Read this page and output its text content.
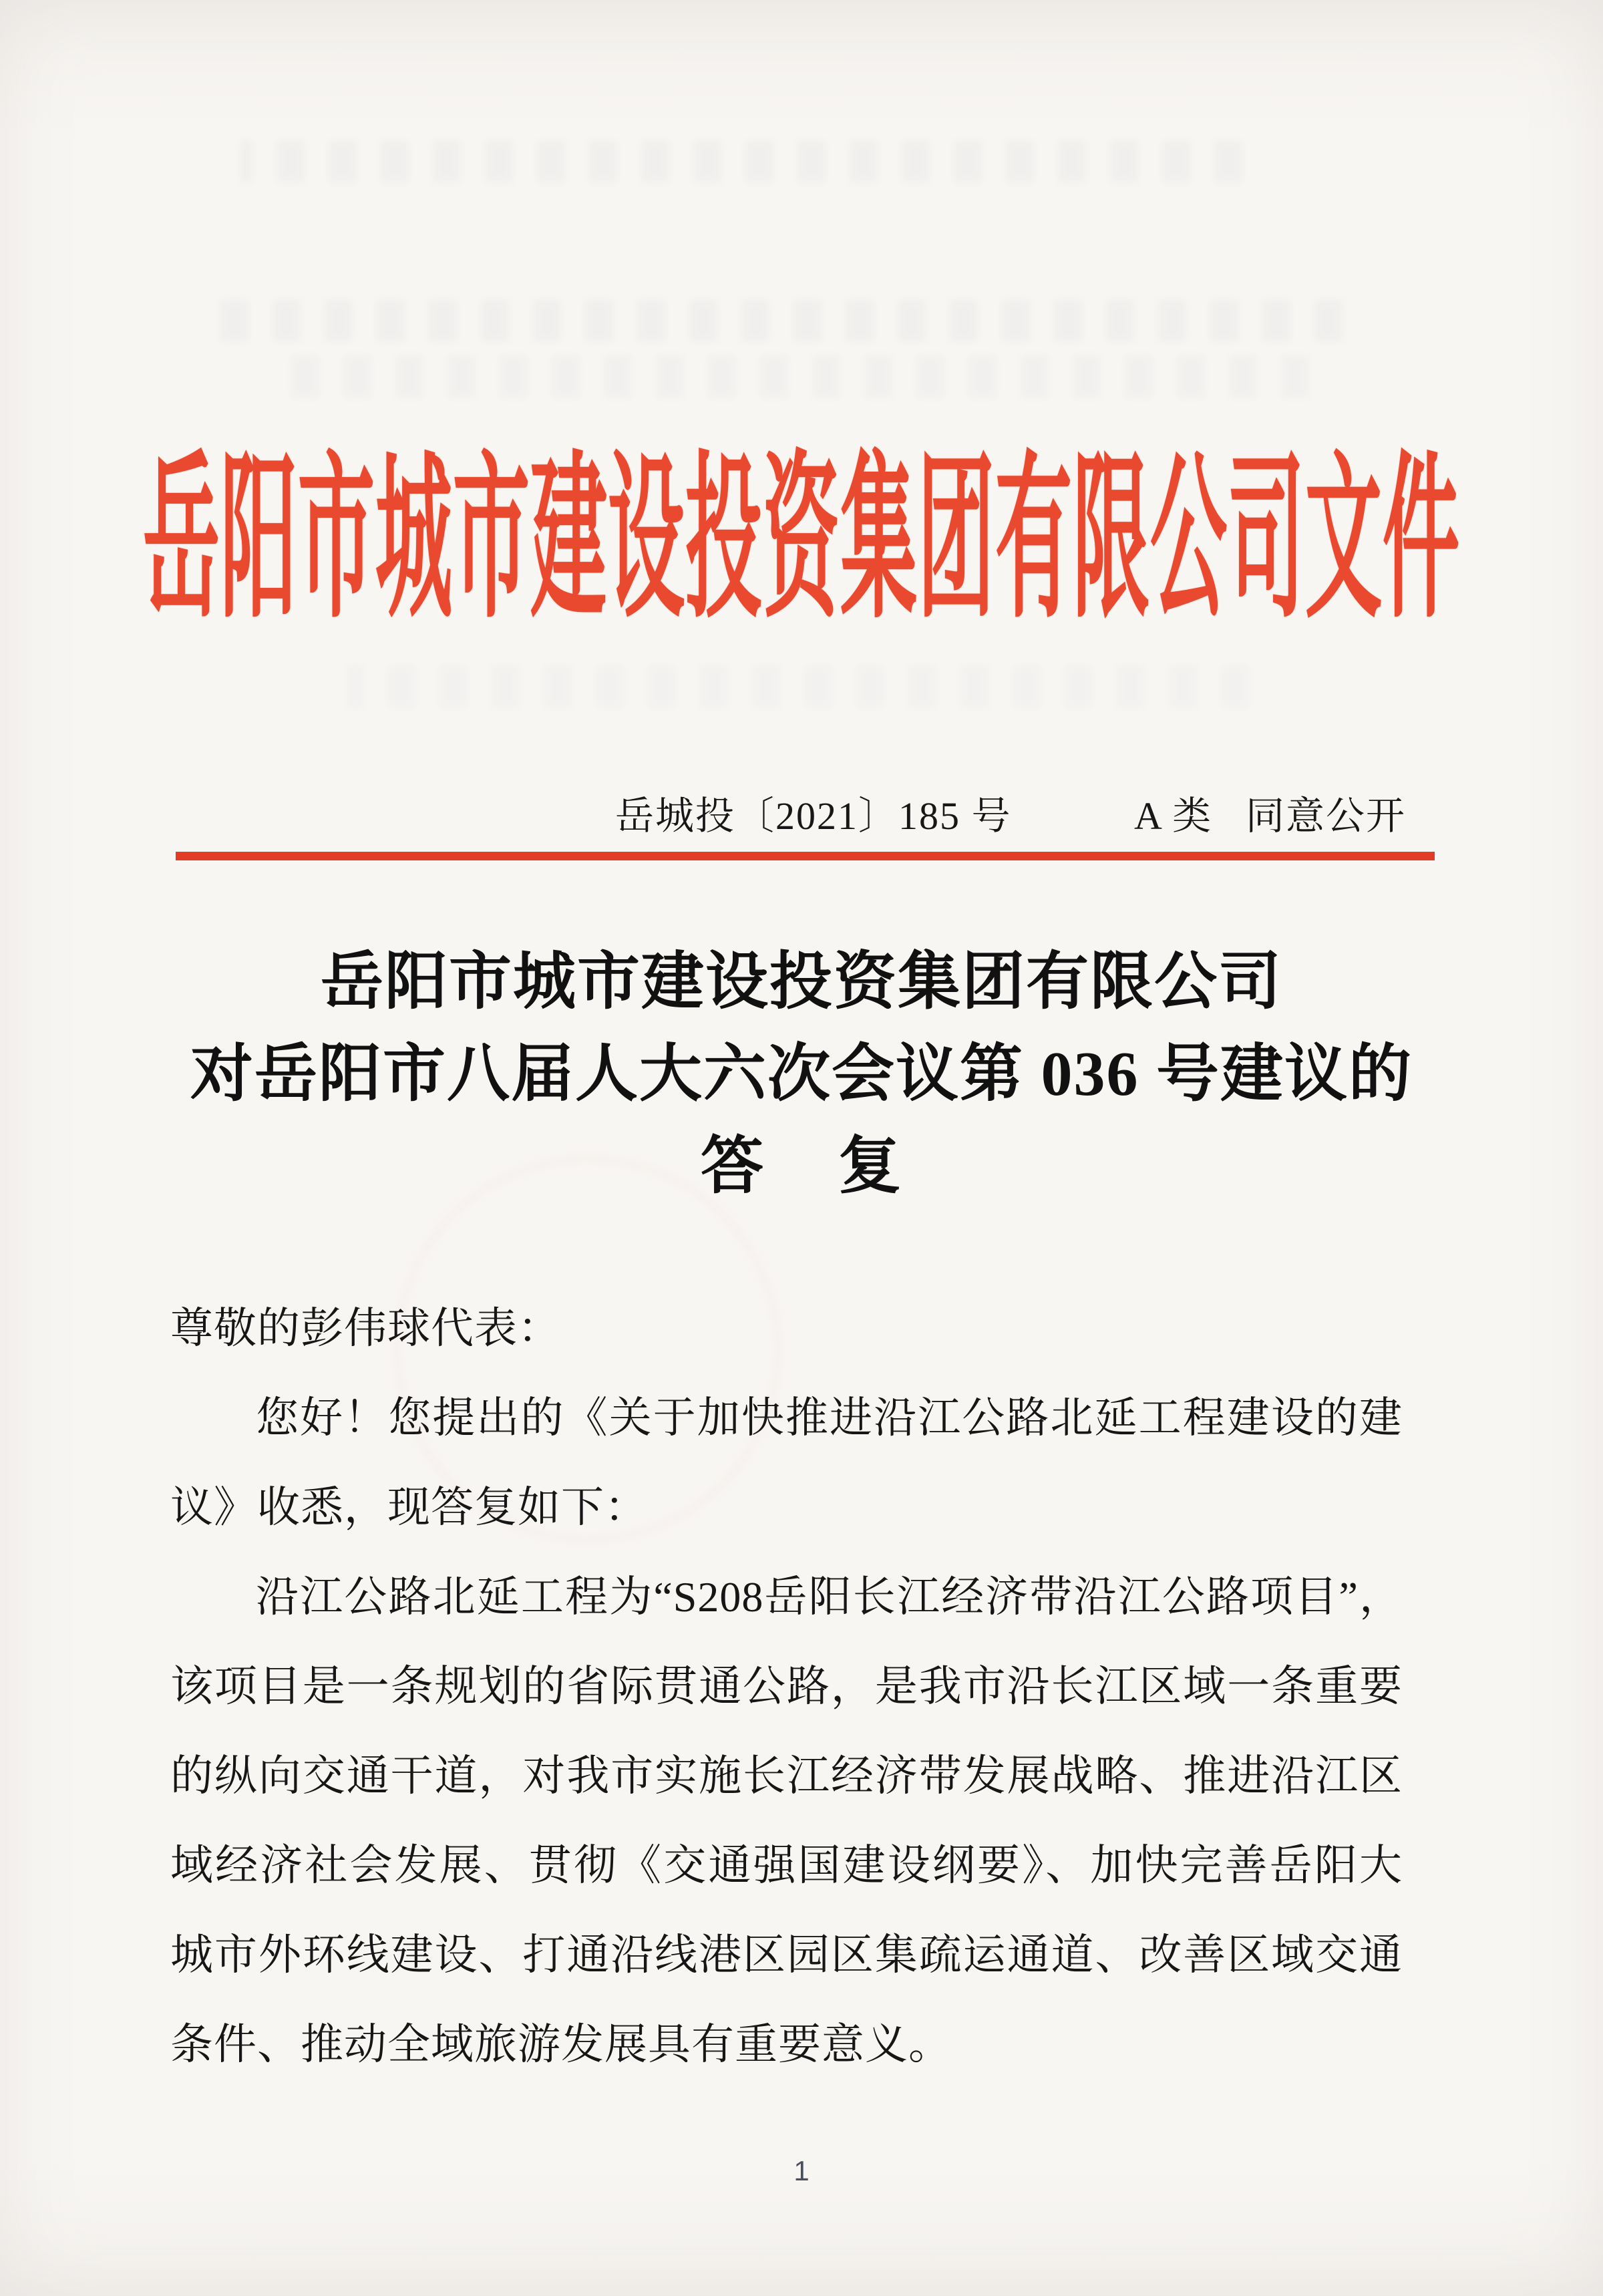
岳阳市城市建设投资集团有限公司文件
岳城投〔2021〕185 号	A 类 同意公开
岳阳市城市建设投资集团有限公司
对岳阳市八届人大六次会议第 036 号建议的
答 复
尊敬的彭伟球代表：
您好！您提出的《关于加快推进沿江公路北延工程建设的建
议》收悉，现答复如下：
沿江公路北延工程为“S208岳阳长江经济带沿江公路项目”，
该项目是一条规划的省际贯通公路，是我市沿长江区域一条重要
的纵向交通干道，对我市实施长江经济带发展战略、推进沿江区
域经济社会发展、贯彻《交通强国建设纲要》、加快完善岳阳大
城市外环线建设、打通沿线港区园区集疏运通道、改善区域交通
条件、推动全域旅游发展具有重要意义。
1
